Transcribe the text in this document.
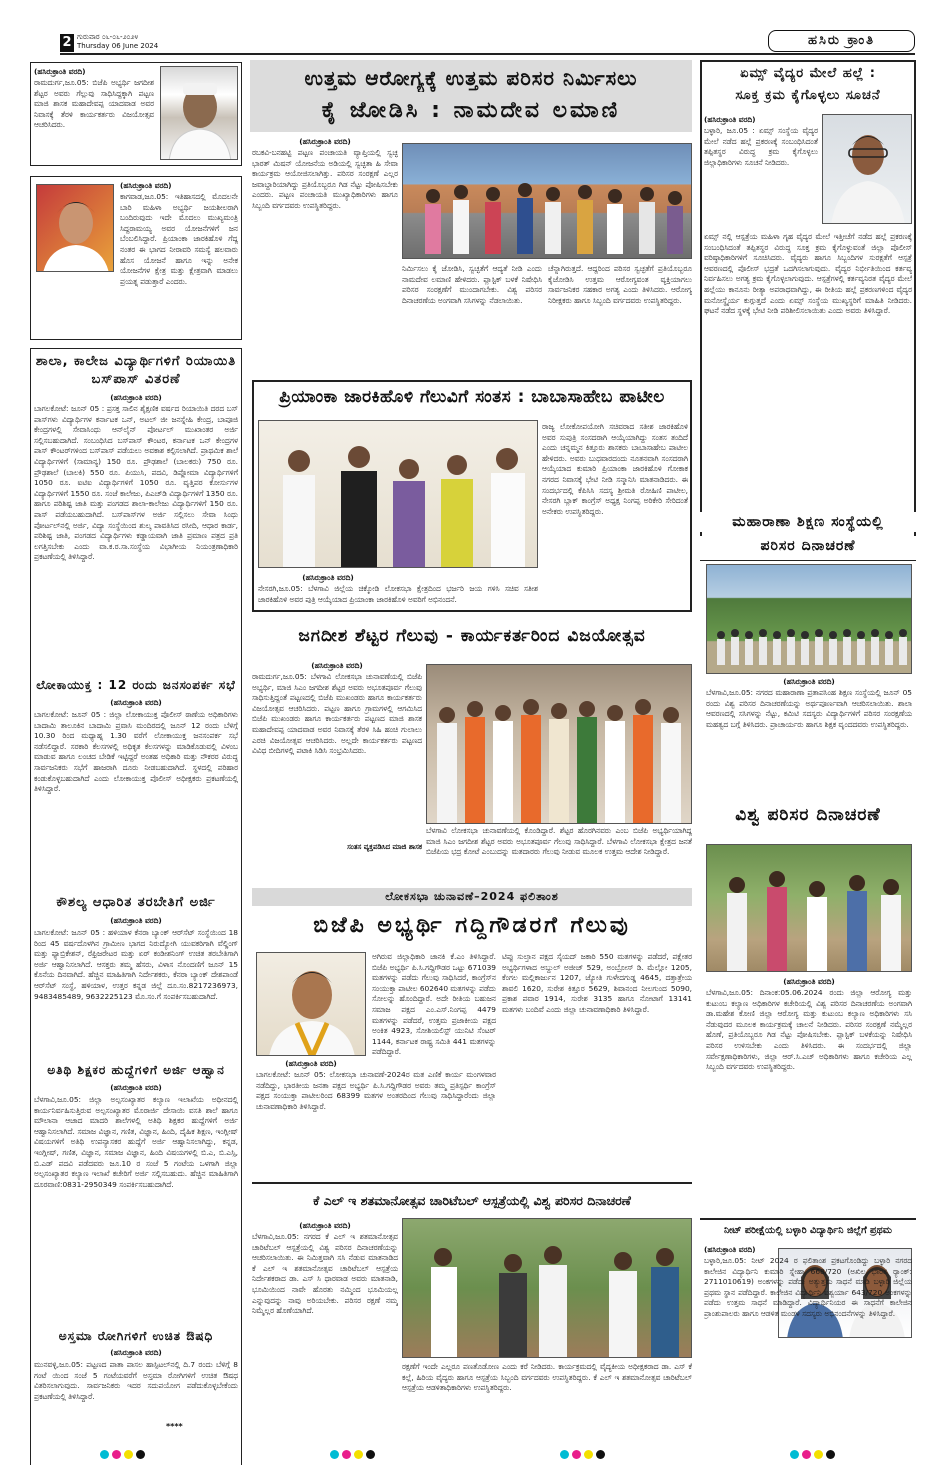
2 ಗುರುವಾರ ೦೬-೦೬-೨೦೨೪
Thursday 06 June 2024	ಹಸಿರು ಕ್ರಾಂತಿ
(ಹಸಿರುಕ್ರಾಂತಿ ವರದಿ)
ರಾಮದುರ್ಗ,ಜೂ.05: ಬಿಜೆಪಿ ಅಭ್ಯರ್ಥಿ ಜಗದೀಶ ಶೆಟ್ಟರ ಅವರು ಗೆಲ್ಲುವು ಸಾಧಿಸಿದ್ದಕ್ಕಾಗಿ ಪಟ್ಟಣ ಮಾಜಿ ಶಾಸಕ ಮಹಾದೇವಪ್ಪ ಯಾದವಾಡ ಅವರ ನಿವಾಸಕ್ಕೆ ತೆರಳಿ ಕಾರ್ಯಕರ್ತರು ವಿಜಯೋತ್ಸವ ಆಚರಿಸಿದರು.
(ಹಸಿರುಕ್ರಾಂತಿ ವರದಿ)
ಕಾಗವಾಡ,ಜೂ.05: ಇತಿಹಾಸದಲ್ಲಿ ಮೊದಲನೇ ಬಾರಿ ಮಹಿಳಾ ಅಭ್ಯರ್ಥಿ ಜಯಶೀಲರಾಗಿ ಬಂದಿರುವುದು ಇದೇ ಮೊದಲು ಮುಖ್ಯಮಂತ್ರಿ ಸಿದ್ದರಾಮಯ್ಯ ಅವರ ಯೋಜನೆಗಳಿಗೆ ಜನ ಬೆಂಬಲಿಸಿದ್ದಾರೆ. ಪ್ರಿಯಾಂಕಾ ಜಾರಕಿಹೊಳಿ ಗೆದ್ದ ನಂತರ ಈ ಭಾಗದ ನೀರಾವರಿ ಸಮಸ್ಯೆ ಹಲವಾರು ಹೊಸ ಯೋಜನೆ ಹಾಗೂ ಇನ್ನು ಅನೇಕ ಯೋಜನೆಗಳ ಕ್ಷೇತ್ರ ಮತ್ತು ಕ್ಷೇತ್ರವಾಗಿ ಮಾಡಲು ಪ್ರಯತ್ನ ಪಡುತ್ತಾರೆ ಎಂದರು.
ಶಾಲಾ, ಕಾಲೇಜ ವಿದ್ಯಾರ್ಥಿಗಳಿಗೆ ರಿಯಾಯಿತಿ ಬಸ್‌ಪಾಸ್ ವಿತರಣೆ
(ಹಸಿರುಕ್ರಾಂತಿ ವರದಿ)
ಬಾಗಲಕೋಟೆ: ಜೂನ್ 05 : ಪ್ರಸಕ್ತ ಸಾಲಿನ ಶೈಕ್ಷಣಿಕ ವರ್ಷದ ರಿಯಾಯಿತಿ ದರದ ಬಸ್ ಪಾಸ್‌ಗಳು ವಿದ್ಯಾರ್ಥಿಗಳ ಕರ್ನಾಟಕ ಒನ್, ಅಟಲ್ ಜೀ ಜನಸ್ನೇಹಿ ಕೇಂದ್ರ, ಬಾಪೂಜಿ ಕೇಂದ್ರಗಳಲ್ಲಿ ಸೇವಾಸಿಂಧು ಆನ್‌ಲೈನ್ ಪೋರ್ಟಲ್ ಮುಖಾಂತರ ಅರ್ಜಿ ಸಲ್ಲಿಸಬಹುದಾಗಿದೆ. ಸಂಬಂಧಿಸಿದ ಬಸ್‌ಪಾಸ್ ಕೌಂಟರ, ಕರ್ನಾಟಕ ಒನ್ ಕೇಂದ್ರಗಳ ಪಾಸ್ ಕೌಂಟರ್‌ಗಳಿಂದ ಬಸ್‌ಪಾಸ್ ಪಡೆಯಲು ಅವಕಾಶ ಕಲ್ಪಿಸಲಾಗಿದೆ. ಪ್ರಾಥಮಿಕ ಶಾಲೆ ವಿದ್ಯಾರ್ಥಿಗಳಿಗೆ (ಸಾಮಾನ್ಯ) 150 ರೂ. ಪ್ರೌಢಶಾಲೆ (ಬಾಲಕರು) 750 ರೂ. ಪ್ರೌಢಶಾಲೆ (ಬಾಲಕಿ) 550 ರೂ. ಪಿಯುಸಿ, ಪದವಿ, ಡಿಪ್ಲೋಮಾ ವಿದ್ಯಾರ್ಥಿಗಳಿಗೆ 1050 ರೂ. ಐಟಿಐ ವಿದ್ಯಾರ್ಥಿಗಳಿಗೆ 1050 ರೂ. ವೃತ್ತಿಪರ ಕೋರ್ಸುಗಳ ವಿದ್ಯಾರ್ಥಿಗಳಿಗೆ 1550 ರೂ. ಸಂಜೆ ಕಾಲೇಜು, ಪಿಎಚ್‌ಡಿ ವಿದ್ಯಾರ್ಥಿಗಳಿಗೆ 1350 ರೂ. ಹಾಗೂ ಪರಿಶಿಷ್ಟ ಜಾತಿ ಮತ್ತು ಪಂಗಡದ ಶಾಲಾ-ಕಾಲೇಜು ವಿದ್ಯಾರ್ಥಿಗಳಿಗೆ 150 ರೂ. ಪಾಸ್ ಪಡೆಯಬಹುದಾಗಿದೆ. ಬಸ್‌ಪಾಸ್‌ಗಳ ಅರ್ಜಿ ಸಲ್ಲಿಸಲು ಸೇವಾ ಸಿಂಧು ಪೋರ್ಟಲ್‌ನಲ್ಲಿ ಅರ್ಜಿ, ವಿದ್ಯಾ ಸಂಸ್ಥೆಯಿಂದ ಶುಲ್ಕ ಪಾವತಿಸಿದ ರಸೀದಿ, ಆಧಾರ ಕಾರ್ಡ, ಪರಿಶಿಷ್ಟ ಜಾತಿ, ಪಂಗಡದ ವಿದ್ಯಾರ್ಥಿಗಳು ಕಡ್ಡಾಯವಾಗಿ ಜಾತಿ ಪ್ರಮಾಣ ಪತ್ರದ ಪ್ರತಿ ಲಗತ್ತಿಸಬೇಕು ಎಂದು ವಾ.ಕ.ರ.ಸಾ.ಸಂಸ್ಥೆಯ ವಿಭಾಗೀಯ ನಿಯಂತ್ರಣಾಧಿಕಾರಿ ಪ್ರಕಟಣೆಯಲ್ಲಿ ತಿಳಿಸಿದ್ದಾರೆ.
ಲೋಕಾಯುಕ್ತ : 12 ರಂದು ಜನಸಂಪರ್ಕ ಸಭೆ
(ಹಸಿರುಕ್ರಾಂತಿ ವರದಿ)
ಬಾಗಲಕೋಟೆ: ಜೂನ್ 05 : ಜಿಲ್ಲಾ ಲೋಕಾಯುಕ್ತ ಪೊಲೀಸ್ ಠಾಣೆಯ ಅಧಿಕಾರಿಗಳು ಬಾದಾಮಿ ತಾಲೂಕಿನ ಬಾದಾಮಿ ಪ್ರವಾಸಿ ಮಂದಿರದಲ್ಲಿ ಜೂನ್ 12 ರಂದು ಬೆಳಿಗ್ಗೆ 10.30 ರಿಂದ ಮಧ್ಯಾಹ್ನ 1.30 ವರೆಗೆ ಲೋಕಾಯುಕ್ತ ಜನಸಂಪರ್ಕ ಸಭೆ ನಡೆಸಲಿದ್ದಾರೆ. ಸರಕಾರಿ ಕೆಲಸಗಳಲ್ಲಿ ಅಧಿಕೃತ ಕೆಲಸಗಳನ್ನು ಮಾಡಿಕೊಡುವಲ್ಲಿ ವಿಳಂಬ ಮಾಡುವ ಹಾಗೂ ಲಂಚದ ಬೇಡಿಕೆ ಇಟ್ಟಿದ್ದರೆ ಅಂತಹ ಅಧಿಕಾರಿ ಮತ್ತು ನೌಕರರ ವಿರುದ್ಧ ಸಾರ್ವಜನಿಕರು ಸಭೆಗೆ ಹಾಜರಾಗಿ ದೂರು ನೀಡಬಹುದಾಗಿದೆ. ಸ್ಥಳದಲ್ಲಿ ಪರಿಹಾರ ಕಂಡುಕೊಳ್ಳಬಹುದಾಗಿದೆ ಎಂದು ಲೋಕಾಯುಕ್ತ ಪೊಲೀಸ್ ಅಧೀಕ್ಷಕರು ಪ್ರಕಟಣೆಯಲ್ಲಿ ತಿಳಿಸಿದ್ದಾರೆ.
ಕೌಶಲ್ಯ ಆಧಾರಿತ ತರಬೇತಿಗೆ ಅರ್ಜಿ
(ಹಸಿರುಕ್ರಾಂತಿ ವರದಿ)
ಬಾಗಲಕೋಟೆ: ಜೂನ್ 05 : ಹಳಿಯಾಳ ಕೆನರಾ ಬ್ಯಾಂಕ್ ಆರ್‌ಸೆಟ್ ಸಂಸ್ಥೆಯಿಂದ 18 ರಿಂದ 45 ವರ್ಷದೊಳಗಿನ ಗ್ರಾಮೀಣ ಭಾಗದ ನಿರುದ್ಯೋಗಿ ಯುವಕರಿಗಾಗಿ ವೆಲ್ಡಿಂಗ್ ಮತ್ತು ಫ್ಯಾಬ್ರಿಕೇಶನ್, ರೆಫ್ರಿಜರೇಟರ ಮತ್ತು ಏರ್ ಕಂಡೀಶನಿಂಗ್ ಉಚಿತ ತರಬೇತಿಗಾಗಿ ಅರ್ಜಿ ಆಹ್ವಾನಿಸಲಾಗಿದೆ. ಆಸಕ್ತರು ತಮ್ಮ ಹೆಸರು, ವಿಳಾಸ ನೊಂದಣಿಗೆ ಜೂನ್ 15 ಕೊನೆಯ ದಿನವಾಗಿದೆ. ಹೆಚ್ಚಿನ ಮಾಹಿತಿಗಾಗಿ ನಿರ್ದೇಶಕರು, ಕೆನರಾ ಬ್ಯಾಂಕ್ ದೇಶಪಾಂಡೆ ಆರ್‌ಸೆಟ್ ಸಂಸ್ಥೆ, ಹಳಿಯಾಳ, ಉತ್ತರ ಕನ್ನಡ ಜಿಲ್ಲೆ ದೂ.ಸಂ.8217236973, 9483485489, 9632225123 ಮೊ.ಸಂ.ಗೆ ಸಂಪರ್ಕಿಸಬಹುದಾಗಿದೆ.
ಅತಿಥಿ ಶಿಕ್ಷಕರ ಹುದ್ದೆಗಳಿಗೆ ಅರ್ಜಿ ಆಹ್ವಾನ
(ಹಸಿರುಕ್ರಾಂತಿ ವರದಿ)
ಬೆಳಗಾವಿ,ಜೂ.05: ಜಿಲ್ಲಾ ಅಲ್ಪಸಂಖ್ಯಾತರ ಕಲ್ಯಾಣ ಇಲಾಖೆಯ ಅಧೀನದಲ್ಲಿ ಕಾರ್ಯನಿರ್ವಹಿಸುತ್ತಿರುವ ಅಲ್ಪಸಂಖ್ಯಾತರ ಮೊರಾರ್ಜಿ ದೇಸಾಯಿ ವಸತಿ ಶಾಲೆ ಹಾಗೂ ಮೌಲಾನಾ ಆಜಾದ ಮಾದರಿ ಶಾಲೆಗಳಲ್ಲಿ ಅತಿಥಿ ಶಿಕ್ಷಕರ ಹುದ್ದೆಗಳಿಗೆ ಅರ್ಜಿ ಆಹ್ವಾನಿಸಲಾಗಿದೆ. ಸಮಾಜ ವಿಜ್ಞಾನ, ಗಣಿತ, ವಿಜ್ಞಾನ, ಹಿಂದಿ, ದೈಹಿಕ ಶಿಕ್ಷಣ, ಇಂಗ್ಲೀಷ್ ವಿಷಯಗಳಿಗೆ ಅತಿಥಿ ಉಪನ್ಯಾಸಕರ ಹುದ್ದೆಗೆ ಅರ್ಜಿ ಆಹ್ವಾನಿಸಲಾಗಿದ್ದು, ಕನ್ನಡ, ಇಂಗ್ಲೀಷ್, ಗಣಿತ, ವಿಜ್ಞಾನ, ಸಮಾಜ ವಿಜ್ಞಾನ, ಹಿಂದಿ ವಿಷಯಗಳಲ್ಲಿ ಬಿ.ಎ, ಬಿ.ಎಸ್ಸಿ, ಬಿ.ಎಡ್ ಪದವಿ ಪಡೆದವರು ಜೂ.10 ರ ಸಂಜೆ 5 ಗಂಟೆಯ ಒಳಗಾಗಿ ಜಿಲ್ಲಾ ಅಲ್ಪಸಂಖ್ಯಾತರ ಕಲ್ಯಾಣ ಇಲಾಖೆ ಕಚೇರಿಗೆ ಅರ್ಜಿ ಸಲ್ಲಿಸಬಹುದು. ಹೆಚ್ಚಿನ ಮಾಹಿತಿಗಾಗಿ ದೂರವಾಣಿ:0831-2950349 ಸಂಪರ್ಕಿಸಬಹುದಾಗಿದೆ.
ಅಸ್ತಮಾ ರೋಗಿಗಳಿಗೆ ಉಚಿತ ಔಷಧಿ
(ಹಸಿರುಕ್ರಾಂತಿ ವರದಿ)
ಮುನವಳ್ಳಿ,ಜೂ.05: ಪಟ್ಟಣದ ಪಾತಾ ಪಾಸಲ ಹಾಸ್ಪಿಟಲ್‌ನಲ್ಲಿ ದಿ.7 ರಂದು ಬೆಳಿಗ್ಗೆ 8 ಗಂಟೆ ಯಿಂದ ಸಂಜೆ 5 ಗಂಟೆಯವರೆಗೆ ಅಸ್ತಮಾ ರೋಗಿಗಳಿಗೆ ಉಚಿತ ಔಷಧ ವಿತರಿಸಲಾಗುವುದು. ಸಾರ್ವಜನಿಕರು ಇದರ ಸದುಪಯೋಗ ಪಡೆದುಕೊಳ್ಳಬೇಕೆಂದು ಪ್ರಕಟಣೆಯಲ್ಲಿ ತಿಳಿಸಿದ್ದಾರೆ.
****
ಉತ್ತಮ ಆರೋಗ್ಯಕ್ಕೆ ಉತ್ತಮ ಪರಿಸರ ನಿರ್ಮಿಸಲು
ಕೈ ಜೋಡಿಸಿ : ನಾಮದೇವ ಲಮಾಣಿ
(ಹಸಿರುಕ್ರಾಂತಿ ವರದಿ)
ರಬಕವಿ-ಬನಹಟ್ಟಿ ಪಟ್ಟಣ ಪಂಚಾಯತಿ ವ್ಯಾಪ್ತಿಯಲ್ಲಿ ಸ್ವಚ್ಛ ಭಾರತ್ ಮಿಷನ್ ಯೋಜನೆಯ ಅಡಿಯಲ್ಲಿ ಸ್ವಚ್ಛತಾ ಹಿ ಸೇವಾ ಕಾರ್ಯಕ್ರಮ ಆಯೋಜಿಸಲಾಗಿತ್ತು. ಪರಿಸರ ಸಂರಕ್ಷಣೆ ಎಲ್ಲರ ಜವಾಬ್ದಾರಿಯಾಗಿದ್ದು ಪ್ರತಿಯೊಬ್ಬರೂ ಗಿಡ ನೆಟ್ಟು ಪೋಷಿಸಬೇಕು ಎಂದರು. ಪಟ್ಟಣ ಪಂಚಾಯತಿ ಮುಖ್ಯಾಧಿಕಾರಿಗಳು ಹಾಗೂ ಸಿಬ್ಬಂದಿ ವರ್ಗದವರು ಉಪಸ್ಥಿತರಿದ್ದರು.
ನಿರ್ಮಿಸಲು ಕೈ ಜೋಡಿಸಿ, ಸ್ವಚ್ಛತೆಗೆ ಆದ್ಯತೆ ನೀಡಿ ಎಂದು ನಾಮದೇವ ಲಮಾಣಿ ಹೇಳಿದರು. ಪ್ಲಾಸ್ಟಿಕ್ ಬಳಕೆ ನಿಷೇಧಿಸಿ ಪರಿಸರ ಸಂರಕ್ಷಣೆಗೆ ಮುಂದಾಗಬೇಕು. ವಿಶ್ವ ಪರಿಸರ ದಿನಾಚರಣೆಯ ಅಂಗವಾಗಿ ಸಸಿಗಳನ್ನು ನೆಡಲಾಯಿತು.
ಚೆನ್ನಾಗಿರುತ್ತದೆ. ಆದ್ದರಿಂದ ಪರಿಸರ ಸ್ವಚ್ಛತೆಗೆ ಪ್ರತಿಯೊಬ್ಬರೂ ಕೈಜೋಡಿಸಿ ಉತ್ತಮ ಆರೋಗ್ಯವಂತ ವ್ಯಕ್ತಿಯಾಗಲು ಸಾರ್ವಜನಿಕರ ಸಹಕಾರ ಅಗತ್ಯ ಎಂದು ತಿಳಿಸಿದರು. ಆರೋಗ್ಯ ನಿರೀಕ್ಷಕರು ಹಾಗೂ ಸಿಬ್ಬಂದಿ ವರ್ಗದವರು ಉಪಸ್ಥಿತರಿದ್ದರು.
ಪ್ರಿಯಾಂಕಾ ಜಾರಕಿಹೊಳಿ ಗೆಲುವಿಗೆ ಸಂತಸ : ಬಾಬಾಸಾಹೇಬ ಪಾಟೀಲ
ರಾಜ್ಯ ಲೋಕೋಪಯೋಗಿ ಸಚಿವರಾದ ಸತೀಶ ಜಾರಕಿಹೊಳಿ ಅವರ ಸುಪುತ್ರಿ ಸಂಸದರಾಗಿ ಆಯ್ಕೆಯಾಗಿದ್ದು ಸಂತಸ ತಂದಿದೆ ಎಂದು ಚನ್ನಮ್ಮನ ಕಿತ್ತೂರು ಶಾಸಕರು ಬಾಬಾಸಾಹೇಬ ಪಾಟೀಲ ಹೇಳಿದರು. ಅವರು ಬುಧವಾರದಂದು ನೂತನವಾಗಿ ಸಂಸದರಾಗಿ ಆಯ್ಕೆಯಾದ ಕುಮಾರಿ ಪ್ರಿಯಾಂಕಾ ಜಾರಕಿಹೊಳಿ ಗೋಕಾಕ ನಗರದ ನಿವಾಸಕ್ಕೆ ಭೇಟಿ ನೀಡಿ ಸನ್ಮಾನಿಸಿ ಮಾತನಾಡಿದರು. ಈ ಸಂದರ್ಭದಲ್ಲಿ ಕೆಪಿಸಿಸಿ ಸದಸ್ಯ ಶ್ರೀಮತಿ ರೋಹಿಣಿ ಪಾಟೀಲ, ನೇಸರಗಿ ಬ್ಲಾಕ್ ಕಾಂಗ್ರೆಸ್ ಅಧ್ಯಕ್ಷ ನಿಂಗಪ್ಪ ಅರಿಕೇರಿ ಸೇರಿದಂತೆ ಅನೇಕರು ಉಪಸ್ಥಿತರಿದ್ದರು.
(ಹಸಿರುಕ್ರಾಂತಿ ವರದಿ)
ನೇಸರಗಿ,ಜೂ.05: ಬೆಳಗಾವಿ ಜಿಲ್ಲೆಯ ಚಿಕ್ಕೋಡಿ ಲೋಕಸಭಾ ಕ್ಷೇತ್ರದಿಂದ ಭರ್ಜರಿ ಜಯ ಗಳಿಸಿ ಸಚಿವ ಸತೀಶ ಜಾರಕಿಹೊಳಿ ಅವರ ಪುತ್ರಿ ಆಯ್ಕೆಯಾದ ಪ್ರಿಯಾಂಕಾ ಜಾರಕಿಹೊಳಿ ಅವರಿಗೆ ಅಭಿನಂದನೆ.
ಜಗದೀಶ ಶೆಟ್ಟರ ಗೆಲುವು - ಕಾರ್ಯಕರ್ತರಿಂದ ವಿಜಯೋತ್ಸವ
(ಹಸಿರುಕ್ರಾಂತಿ ವರದಿ)
ರಾಮದುರ್ಗ,ಜೂ.05: ಬೆಳಗಾವಿ ಲೋಕಸಭಾ ಚುನಾವಣೆಯಲ್ಲಿ ಬಿಜೆಪಿ ಅಭ್ಯರ್ಥಿ, ಮಾಜಿ ಸಿಎಂ ಜಗದೀಶ ಶೆಟ್ಟರ ಅವರು ಅಭೂತಪೂರ್ವ ಗೆಲುವು ಸಾಧಿಸುತ್ತಿದ್ದಂತೆ ಪಟ್ಟಣದಲ್ಲಿ ಬಿಜೆಪಿ ಮುಖಂಡರು ಹಾಗೂ ಕಾರ್ಯಕರ್ತರು ವಿಜಯೋತ್ಸವ ಆಚರಿಸಿದರು. ಪಟ್ಟಣ ಹಾಗೂ ಗ್ರಾಮಗಳಲ್ಲಿ ಆಗಮಿಸಿದ ಬಿಜೆಪಿ ಮುಖಂಡರು ಹಾಗೂ ಕಾರ್ಯಕರ್ತರು ಪಟ್ಟಣದ ಮಾಜಿ ಶಾಸಕ ಮಹಾದೇವಪ್ಪ ಯಾದವಾಡ ಅವರ ನಿವಾಸಕ್ಕೆ ತೆರಳಿ ಸಿಹಿ ಹಂಚಿ ಗುಲಾಲು ಎರಚಿ ವಿಜಯೋತ್ಸವ ಆಚರಿಸಿದರು. ಅಲ್ಲದೇ ಕಾರ್ಯಕರ್ತರು ಪಟ್ಟಣದ ವಿವಿಧ ಬೀದಿಗಳಲ್ಲಿ ಪಟಾಕಿ ಸಿಡಿಸಿ ಸಂಭ್ರಮಿಸಿದರು.
ಸಂತಸ ವ್ಯಕ್ತಪಡಿಸಿದ ಮಾಜಿ ಶಾಸಕ
ಬೆಳಗಾವಿ ಲೋಕಸಭಾ ಚುನಾವಣೆಯಲ್ಲಿ ಕೊಂಡಿದ್ದಾರೆ. ಶೆಟ್ಟರ ಹೊರಗಿನವರು ಎಂಬ ಬಿಜೆಪಿ ಅಭ್ಯರ್ಥಿಯಾಗಿದ್ದ ಮಾಜಿ ಸಿಎಂ ಜಗದೀಶ ಶೆಟ್ಟರ ಅವರು ಅಭೂತಪೂರ್ವ ಗೆಲುವು ಸಾಧಿಸಿದ್ದಾರೆ. ಬೆಳಗಾವಿ ಲೋಕಸಭಾ ಕ್ಷೇತ್ರದ ಜನತೆ ಬಿಜೆಪಿಯ ಭದ್ರ ಕೋಟೆ ಎಂಬುದನ್ನು ಮತದಾರರು ಗೆಲುವು ನೀಡುವ ಮೂಲಕ ಉತ್ತಮ ಆದೇಶ ನೀಡಿದ್ದಾರೆ.
ಲೋಕಸಭಾ ಚುನಾವಣೆ–2024 ಫಲಿತಾಂಶ
ಬಿಜೆಪಿ ಅಭ್ಯರ್ಥಿ ಗದ್ದಿಗೌಡರಗೆ ಗೆಲುವು
(ಹಸಿರುಕ್ರಾಂತಿ ವರದಿ)
ಬಾಗಲಕೋಟೆ: ಜೂನ್ 05: ಲೋಕಸಭಾ ಚುನಾವಣೆ-2024ರ ಮತ ಎಣಿಕೆ ಕಾರ್ಯ ಮಂಗಳವಾರ ನಡೆದಿದ್ದು, ಭಾರತೀಯ ಜನತಾ ಪಕ್ಷದ ಅಭ್ಯರ್ಥಿ ಪಿ.ಸಿ.ಗದ್ದಿಗೌಡರ ಅವರು ತಮ್ಮ ಪ್ರತಿಸ್ಪರ್ಧಿ ಕಾಂಗ್ರೆಸ್ ಪಕ್ಷದ ಸಂಯುಕ್ತಾ ಪಾಟೀಲರಿಂದ 68399 ಮತಗಳ ಅಂತರದಿಂದ ಗೆಲುವು ಸಾಧಿಸಿದ್ದಾರೆಂದು ಜಿಲ್ಲಾ ಚುನಾವಣಾಧಿಕಾರಿ ತಿಳಿಸಿದ್ದಾರೆ.
ಅಗಿರುವ ಜಿಲ್ಲಾಧಿಕಾರಿ ಜಾನಕಿ ಕೆ.ಎಂ ತಿಳಿಸಿದ್ದಾರೆ. ಬಿಜೆಪಿ ಅಭ್ಯರ್ಥಿ ಪಿ.ಸಿ.ಗದ್ದಿಗೌಡರ ಒಟ್ಟು 671039 ಮತಗಳನ್ನು ಪಡೆದು ಗೆಲುವು ಸಾಧಿಸಿದರೆ, ಕಾಂಗ್ರೆಸ್‌ನ ಸಂಯುಕ್ತಾ ಪಾಟೀಲ 602640 ಮತಗಳನ್ನು ಪಡೆದು ಸೋಲನ್ನು ಹೊಂದಿದ್ದಾರೆ. ಅದೇ ರೀತಿಯ ಬಹುಜನ ಸಮಾಜ ಪಕ್ಷದ ಎಂ.ಎಸ್.ನಿಂಗಪ್ಪ 4479 ಮತಗಳನ್ನು ಪಡೆದರೆ, ಉತ್ತಮ ಪ್ರಜಾಕೀಯ ಪಕ್ಷದ ಅಂಕಿತ 4923, ಸೋಶಿಯಲಿಸ್ಟ್ ಯುನಿಟಿ ಸೆಂಟರ್ 1144, ಕರ್ನಾಟಕ ರಾಷ್ಟ್ರ ಸಮಿತಿ 441 ಮತಗಳನ್ನು ಪಡೆದಿದ್ದಾರೆ.
ಟಿಪ್ಪು ಸುಲ್ತಾನ ಪಕ್ಷದ ಸೈಯದ್ ಜಕಾರಿ 550 ಮತಗಳನ್ನು ಪಡೆದರೆ, ಪಕ್ಷೇತರ ಅಭ್ಯರ್ಥಿಗಳಾದ ಅಬ್ದುಲ್ ಅಜೀಜ್ 529, ಅಂಬ್ರೋಸ್ ಡಿ. ಮೆಲ್ಲೋ 1205, ಕೆಂಗಲ ಮಲ್ಲಿಕಾರ್ಜುನ 1207, ಜ್ಯೋತಿ ಗುಳೇದಗುಡ್ಡ 4645, ದತ್ತಾತ್ರೇಯ ಶಾವಲಿ 1620, ಸುರೇಶ ಕಿತ್ತೂರ 5629, ಶಿವಾನಂದ ನೀಲಗುಂದ 5090, ಪ್ರಕಾಶ ಪವಾರ 1914, ಸುರೇಶ 3135 ಹಾಗೂ ನೋಟಾಗೆ 13141 ಮತಗಳು ಬಂದಿವೆ ಎಂದು ಜಿಲ್ಲಾ ಚುನಾವಣಾಧಿಕಾರಿ ತಿಳಿಸಿದ್ದಾರೆ.
ಕೆ ಎಲ್ ಇ ಶತಮಾನೋತ್ಸವ ಚಾರಿಟೆಬಲ್ ಆಸ್ಪತ್ರೆಯಲ್ಲಿ ವಿಶ್ವ ಪರಿಸರ ದಿನಾಚರಣೆ
(ಹಸಿರುಕ್ರಾಂತಿ ವರದಿ)
ಬೆಳಗಾವಿ,ಜೂ.05: ನಗರದ ಕೆ ಎಲ್ ಇ ಶತಮಾನೋತ್ಸವ ಚಾರಿಟೆಬಲ್ ಆಸ್ಪತ್ರೆಯಲ್ಲಿ ವಿಶ್ವ ಪರಿಸರ ದಿನಾಚರಣೆಯನ್ನು ಆಚರಿಸಲಾಯಿತು. ಈ ನಿಮಿತ್ತವಾಗಿ ಸಸಿ ನೆಡುವ ಮಾತನಾಡಿದ ಕೆ ಎಲ್ ಇ ಶತಮಾನೋತ್ಸವ ಚಾರಿಟೆಬಲ್ ಆಸ್ಪತ್ರೆಯ ನಿರ್ದೇಶಕರಾದ ಡಾ. ಎಸ್ ಸಿ ಧಾರವಾಡ ಅವರು ಮಾತನಾಡಿ, ಭೂಮಿಯಿಂದ ನಾವೇ ಹೊರತು ನಮ್ಮಿಂದ ಭೂಮಿಯಲ್ಲ ಎನ್ನುವುದನ್ನು ನಾವು ಅರಿಯಬೇಕು. ಪರಿಸರ ರಕ್ಷಣೆ ನಮ್ಮ ನಿಮ್ಮೆಲ್ಲರ ಹೊಣೆಯಾಗಿದೆ.
ರಕ್ಷಣೆಗೆ ಇಂದೇ ಎಲ್ಲರೂ ಪಣತೊಡೋಣ ಎಂದು ಕರೆ ನೀಡಿದರು. ಕಾರ್ಯಕ್ರಮದಲ್ಲಿ ವೈದ್ಯಕೀಯ ಅಧೀಕ್ಷಕರಾದ ಡಾ. ಎಸ್ ಕೆ ಕಲ್ಲೆ, ಹಿರಿಯ ವೈದ್ಯರು ಹಾಗೂ ಆಸ್ಪತ್ರೆಯ ಸಿಬ್ಬಂದಿ ವರ್ಗದವರು ಉಪಸ್ಥಿತರಿದ್ದರು. ಕೆ ಎಲ್ ಇ ಶತಮಾನೋತ್ಸವ ಚಾರಿಟೆಬಲ್ ಆಸ್ಪತ್ರೆಯ ಆಡಳಿತಾಧಿಕಾರಿಗಳು ಉಪಸ್ಥಿತರಿದ್ದರು.
ಏಮ್ಸ್ ವೈದ್ಯರ ಮೇಲೆ ಹಲ್ಲೆ :
ಸೂಕ್ತ ಕ್ರಮ ಕೈಗೊಳ್ಳಲು ಸೂಚನೆ
(ಹಸಿರುಕ್ರಾಂತಿ ವರದಿ)
ಬಳ್ಳಾರಿ, ಜೂ.05 : ಏಮ್ಸ್ ಸಂಸ್ಥೆಯ ವೈದ್ಯರ ಮೇಲೆ ನಡೆದ ಹಲ್ಲೆ ಪ್ರಕರಣಕ್ಕೆ ಸಂಬಂಧಿಸಿದಂತೆ ತಪ್ಪಿತಸ್ಥರ ವಿರುದ್ಧ ಕ್ರಮ ಕೈಗೊಳ್ಳಲು ಜಿಲ್ಲಾಧಿಕಾರಿಗಳು ಸೂಚನೆ ನೀಡಿದರು.
ಏಮ್ಸ್ ನಲ್ಲಿ ಆಸ್ಪತ್ರೆಯ ಮಹಿಳಾ ಗೃಹ ವೈದ್ಯರ ಮೇಲೆ ಇತ್ತೀಚೆಗೆ ನಡೆದ ಹಲ್ಲೆ ಪ್ರಕರಣಕ್ಕೆ ಸಂಬಂಧಿಸಿದಂತೆ ತಪ್ಪಿತಸ್ಥರ ವಿರುದ್ಧ ಸೂಕ್ತ ಕ್ರಮ ಕೈಗೊಳ್ಳುವಂತೆ ಜಿಲ್ಲಾ ಪೊಲೀಸ್ ವರಿಷ್ಠಾಧಿಕಾರಿಗಳಿಗೆ ಸೂಚಿಸಿದರು. ವೈದ್ಯರು ಹಾಗೂ ಸಿಬ್ಬಂದಿಗಳ ಸುರಕ್ಷತೆಗೆ ಆಸ್ಪತ್ರೆ ಆವರಣದಲ್ಲಿ ಪೊಲೀಸ್ ಭದ್ರತೆ ಒದಗಿಸಲಾಗುವುದು. ವೈದ್ಯರ ನಿರ್ಭೀತಿಯಿಂದ ಕರ್ತವ್ಯ ನಿರ್ವಹಿಸಲು ಅಗತ್ಯ ಕ್ರಮ ಕೈಗೊಳ್ಳಲಾಗುವುದು. ಆಸ್ಪತ್ರೆಗಳಲ್ಲಿ ಕರ್ತವ್ಯನಿರತ ವೈದ್ಯರ ಮೇಲೆ ಹಲ್ಲೆಯು ಕಾನೂನು ರೀತ್ಯಾ ಅಪರಾಧವಾಗಿದ್ದು, ಈ ರೀತಿಯ ಹಲ್ಲೆ ಪ್ರಕರಣಗಳಿಂದ ವೈದ್ಯರ ಮನೋಸ್ಥೈರ್ಯ ಕುಗ್ಗುತ್ತದೆ ಎಂದು ಏಮ್ಸ್ ಸಂಸ್ಥೆಯ ಮುಖ್ಯಸ್ಥರಿಗೆ ಮಾಹಿತಿ ನೀಡಿದರು. ಘಟನೆ ನಡೆದ ಸ್ಥಳಕ್ಕೆ ಭೇಟಿ ನೀಡಿ ಪರಿಶೀಲಿಸಲಾಯಿತು ಎಂದು ಅವರು ತಿಳಿಸಿದ್ದಾರೆ.
ಮಹಾರಾಣಾ ಶಿಕ್ಷಣ ಸಂಸ್ಥೆಯಲ್ಲಿ
ಪರಿಸರ ದಿನಾಚರಣೆ
(ಹಸಿರುಕ್ರಾಂತಿ ವರದಿ)
ಬೆಳಗಾವಿ,ಜೂ.05: ನಗರದ ಮಹಾರಾಣಾ ಪ್ರತಾಪಸಿಂಹ ಶಿಕ್ಷಣ ಸಂಸ್ಥೆಯಲ್ಲಿ ಜೂನ್ 05 ರಂದು ವಿಶ್ವ ಪರಿಸರ ದಿನಾಚರಣೆಯನ್ನು ಅರ್ಥಪೂರ್ಣವಾಗಿ ಆಚರಿಸಲಾಯಿತು. ಶಾಲಾ ಆವರಣದಲ್ಲಿ ಸಸಿಗಳನ್ನು ನೆಟ್ಟು, ಕಮಿಟಿ ಸದಸ್ಯರು ವಿದ್ಯಾರ್ಥಿಗಳಿಗೆ ಪರಿಸರ ಸಂರಕ್ಷಣೆಯ ಮಹತ್ವದ ಬಗ್ಗೆ ತಿಳಿಸಿದರು. ಪ್ರಾಚಾರ್ಯರು ಹಾಗೂ ಶಿಕ್ಷಕ ವೃಂದದವರು ಉಪಸ್ಥಿತರಿದ್ದರು.
ವಿಶ್ವ ಪರಿಸರ ದಿನಾಚರಣೆ
(ಹಸಿರುಕ್ರಾಂತಿ ವರದಿ)
ಬೆಳಗಾವಿ,ಜೂ.05: ದಿನಾಂಕ:05.06.2024 ರಂದು ಜಿಲ್ಲಾ ಆರೋಗ್ಯ ಮತ್ತು ಕುಟುಂಬ ಕಲ್ಯಾಣ ಅಧಿಕಾರಿಗಳ ಕಚೇರಿಯಲ್ಲಿ ವಿಶ್ವ ಪರಿಸರ ದಿನಾಚರಣೆಯ ಅಂಗವಾಗಿ ಡಾ.ಮಹೇಶ ಕೋಣಿ ಜಿಲ್ಲಾ ಆರೋಗ್ಯ ಮತ್ತು ಕುಟುಂಬ ಕಲ್ಯಾಣ ಅಧಿಕಾರಿಗಳು ಸಸಿ ನೆಡುವುದರ ಮೂಲಕ ಕಾರ್ಯಕ್ರಮಕ್ಕೆ ಚಾಲನೆ ನೀಡಿದರು. ಪರಿಸರ ಸಂರಕ್ಷಣೆ ನಮ್ಮೆಲ್ಲರ ಹೊಣೆ, ಪ್ರತಿಯೊಬ್ಬರೂ ಗಿಡ ನೆಟ್ಟು ಪೋಷಿಸಬೇಕು. ಪ್ಲಾಸ್ಟಿಕ್ ಬಳಕೆಯನ್ನು ನಿಷೇಧಿಸಿ ಪರಿಸರ ಉಳಿಸಬೇಕು ಎಂದು ತಿಳಿಸಿದರು. ಈ ಸಂದರ್ಭದಲ್ಲಿ ಜಿಲ್ಲಾ ಸರ್ವೇಕ್ಷಣಾಧಿಕಾರಿಗಳು, ಜಿಲ್ಲಾ ಆರ್.ಸಿ.ಎಚ್ ಅಧಿಕಾರಿಗಳು ಹಾಗೂ ಕಚೇರಿಯ ಎಲ್ಲ ಸಿಬ್ಬಂದಿ ವರ್ಗದವರು ಉಪಸ್ಥಿತರಿದ್ದರು.
ನೀಟ್ ಪರೀಕ್ಷೆಯಲ್ಲಿ ಬಳ್ಳಾರಿ ವಿದ್ಯಾರ್ಥಿನಿ ಜಿಲ್ಲೆಗೆ ಪ್ರಥಮ
(ಹಸಿರುಕ್ರಾಂತಿ ವರದಿ)
ಬಳ್ಳಾರಿ,ಜೂ.05: ನೀಟ್ 2024 ರ ಫಲಿತಾಂಶ ಪ್ರಕಟಗೊಂಡಿದ್ದು ಬಳ್ಳಾರಿ ನಗರದ ಕಾಲೇಜಿನ ವಿದ್ಯಾರ್ಥಿನಿ ಕುಮಾರಿ ಸ್ನೇಹಾ 668/720 (ಅಖಿಲ ಭಾರತ ರ‍್ಯಾಂಕ್: 2711010619) ಅಂಕಗಳನ್ನು ಪಡೆದು ಅತ್ಯುತ್ತಮ ಸಾಧನೆ ಮಾಡಿ ಬಳ್ಳಾರಿ ಜಿಲ್ಲೆಯ ಪ್ರಥಮ ಸ್ಥಾನ ಪಡೆದಿದ್ದಾರೆ. ಕಾಲೇಜಿನ ವಿದ್ಯಾರ್ಥಿನಿ ಐಶ್ವರ್ಯಾ 643/720 ಅಂಕಗಳನ್ನು ಪಡೆದು ಉತ್ತಮ ಸಾಧನೆ ಮಾಡಿದ್ದಾರೆ. ವಿದ್ಯಾರ್ಥಿನಿಯರ ಈ ಸಾಧನೆಗೆ ಕಾಲೇಜಿನ ಪ್ರಾಂಶುಪಾಲರು ಹಾಗೂ ಆಡಳಿತ ಮಂಡಳಿ ಸದಸ್ಯರು ಅಭಿನಂದನೆಗಳನ್ನು ತಿಳಿಸಿದ್ದಾರೆ.
